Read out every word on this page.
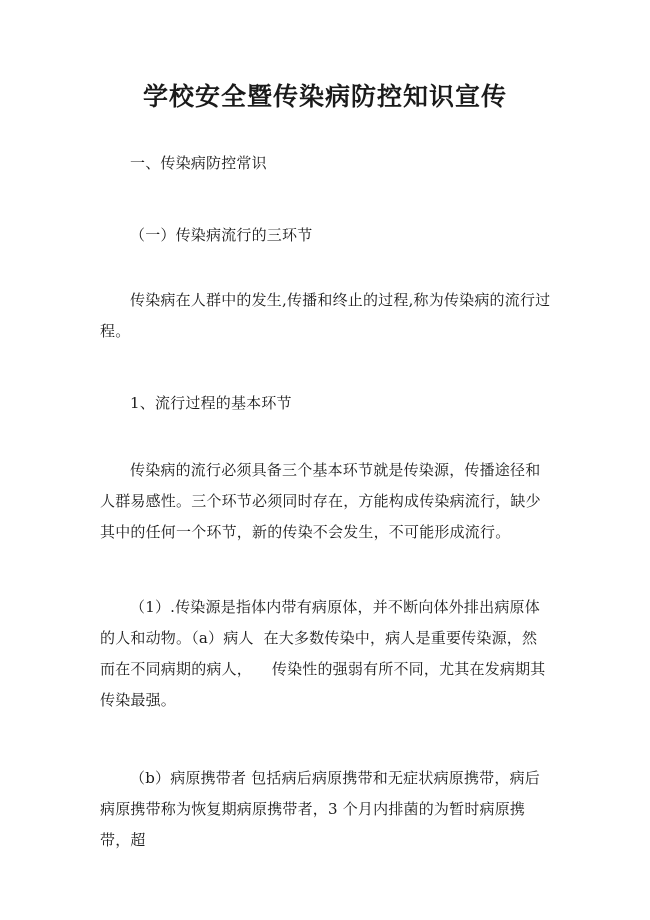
学校安全暨传染病防控知识宣传
一、传染病防控常识
（一）传染病流行的三环节
传染病在人群中的发生,传播和终止的过程,称为传染病的流行过程。
1、流行过程的基本环节
传染病的流行必须具备三个基本环节就是传染源，传播途径和人群易感性。三个环节必须同时存在，方能构成传染病流行，缺少其中的任何一个环节，新的传染不会发生，不可能形成流行。
（1）.传染源是指体内带有病原体，并不断向体外排出病原体的人和动物。（a）病人  在大多数传染中，病人是重要传染源，然而在不同病期的病人，    传染性的强弱有所不同，尤其在发病期其传染最强。
（b）病原携带者 包括病后病原携带和无症状病原携带，病后病原携带称为恢复期病原携带者，3 个月内排菌的为暂时病原携带，超
